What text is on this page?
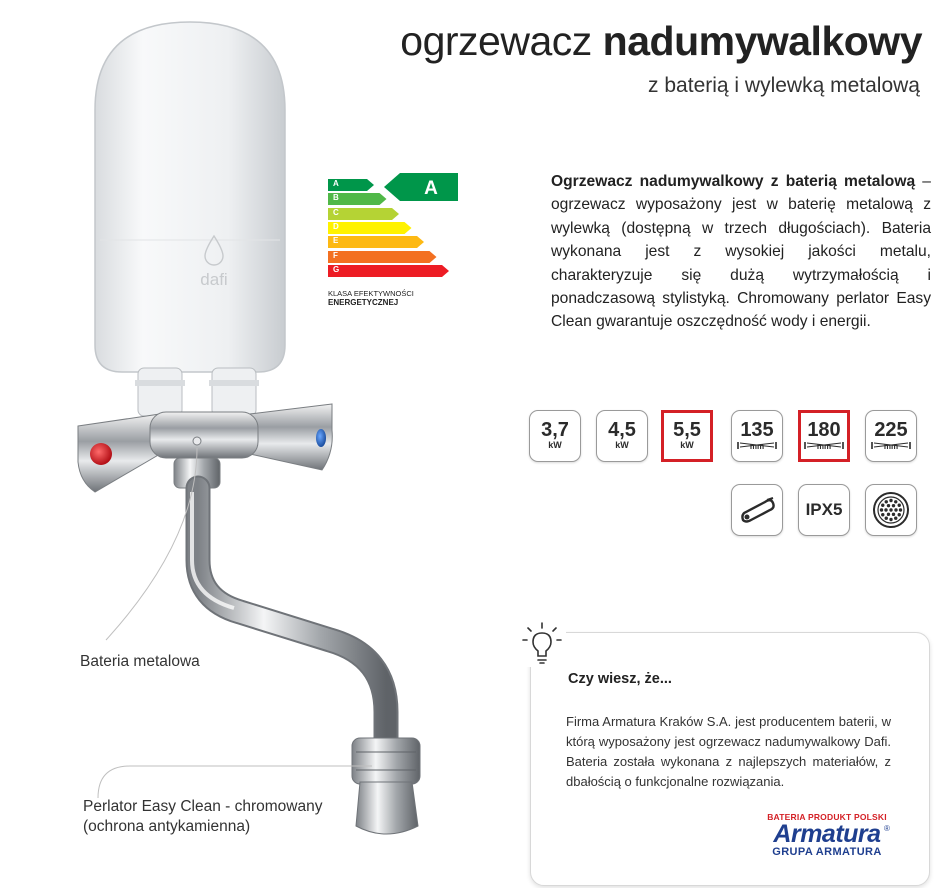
ogrzewacz nadumywalkowy
z baterią i wylewką metalową
dafi
A
B
C
D
E
F
G
A
KLASA EFEKTYWNOŚCI
ENERGETYCZNEJ
Ogrzewacz nadumywalkowy z baterią metalową – ogrzewacz wyposażony jest w baterię metalową z wylewką (dostępną w trzech długościach). Bateria wykonana jest z wysokiej jakości metalu, charakteryzuje się dużą wytrzymałością i ponadczasową stylistyką. Chromowany perlator Easy Clean gwarantuje oszczędność wody i energii.
3,7
kW
4,5
kW
5,5
kW
135
mm
180
mm
225
mm
IPX5
Bateria metalowa
Perlator Easy Clean - chromowany
(ochrona antykamienna)
Czy wiesz, że...
Firma Armatura Kraków S.A. jest producentem baterii, w którą wyposażony jest ogrzewacz nadumywalkowy Dafi. Bateria została wykonana z najlepszych materiałów, z dbałością o funkcjonalne rozwiązania.
BATERIA PRODUKT POLSKI
Armatura
GRUPA ARMATURA
®
